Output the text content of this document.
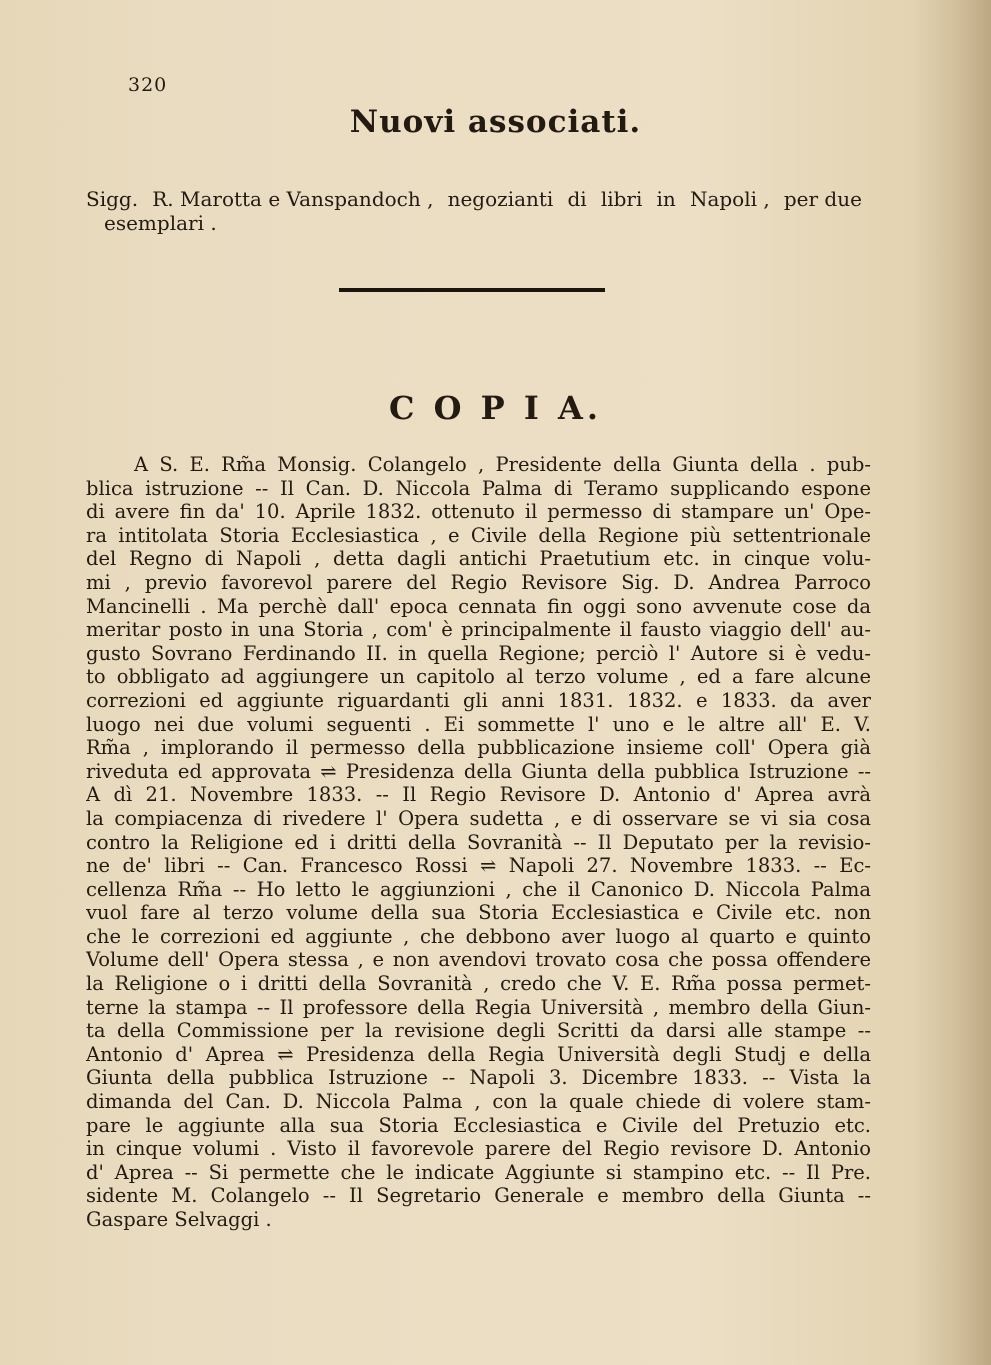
320
Nuovi associati.
Sigg. R. Marotta e Vanspandoch , negozianti di libri in Napoli , per due
esemplari .
C O P I A.
A S. E. Rm̃a Monsig. Colangelo , Presidente della Giunta della . pub-
blica istruzione -- Il Can. D. Niccola Palma di Teramo supplicando espone
di avere fin da' 10. Aprile 1832. ottenuto il permesso di stampare un' Ope-
ra intitolata Storia Ecclesiastica , e Civile della Regione più settentrionale
del Regno di Napoli , detta dagli antichi Praetutium etc. in cinque volu-
mi , previo favorevol parere del Regio Revisore Sig. D. Andrea Parroco
Mancinelli . Ma perchè dall' epoca cennata fin oggi sono avvenute cose da
meritar posto in una Storia , com' è principalmente il fausto viaggio dell' au-
gusto Sovrano Ferdinando II. in quella Regione; perciò l' Autore si è vedu-
to obbligato ad aggiungere un capitolo al terzo volume , ed a fare alcune
correzioni ed aggiunte riguardanti gli anni 1831. 1832. e 1833. da aver
luogo nei due volumi seguenti . Ei sommette l' uno e le altre all' E. V.
Rm̃a , implorando il permesso della pubblicazione insieme coll' Opera già
riveduta ed approvata ⇌ Presidenza della Giunta della pubblica Istruzione --
A dì 21. Novembre 1833. -- Il Regio Revisore D. Antonio d' Aprea avrà
la compiacenza di rivedere l' Opera sudetta , e di osservare se vi sia cosa
contro la Religione ed i dritti della Sovranità -- Il Deputato per la revisio-
ne de' libri -- Can. Francesco Rossi ⇌ Napoli 27. Novembre 1833. -- Ec-
cellenza Rm̃a -- Ho letto le aggiunzioni , che il Canonico D. Niccola Palma
vuol fare al terzo volume della sua Storia Ecclesiastica e Civile etc. non
che le correzioni ed aggiunte , che debbono aver luogo al quarto e quinto
Volume dell' Opera stessa , e non avendovi trovato cosa che possa offendere
la Religione o i dritti della Sovranità , credo che V. E. Rm̃a possa permet-
terne la stampa -- Il professore della Regia Università , membro della Giun-
ta della Commissione per la revisione degli Scritti da darsi alle stampe --
Antonio d' Aprea ⇌ Presidenza della Regia Università degli Studj e della
Giunta della pubblica Istruzione -- Napoli 3. Dicembre 1833. -- Vista la
dimanda del Can. D. Niccola Palma , con la quale chiede di volere stam-
pare le aggiunte alla sua Storia Ecclesiastica e Civile del Pretuzio etc.
in cinque volumi . Visto il favorevole parere del Regio revisore D. Antonio
d' Aprea -- Si permette che le indicate Aggiunte si stampino etc. -- Il Pre.
sidente M. Colangelo -- Il Segretario Generale e membro della Giunta --
Gaspare Selvaggi .
